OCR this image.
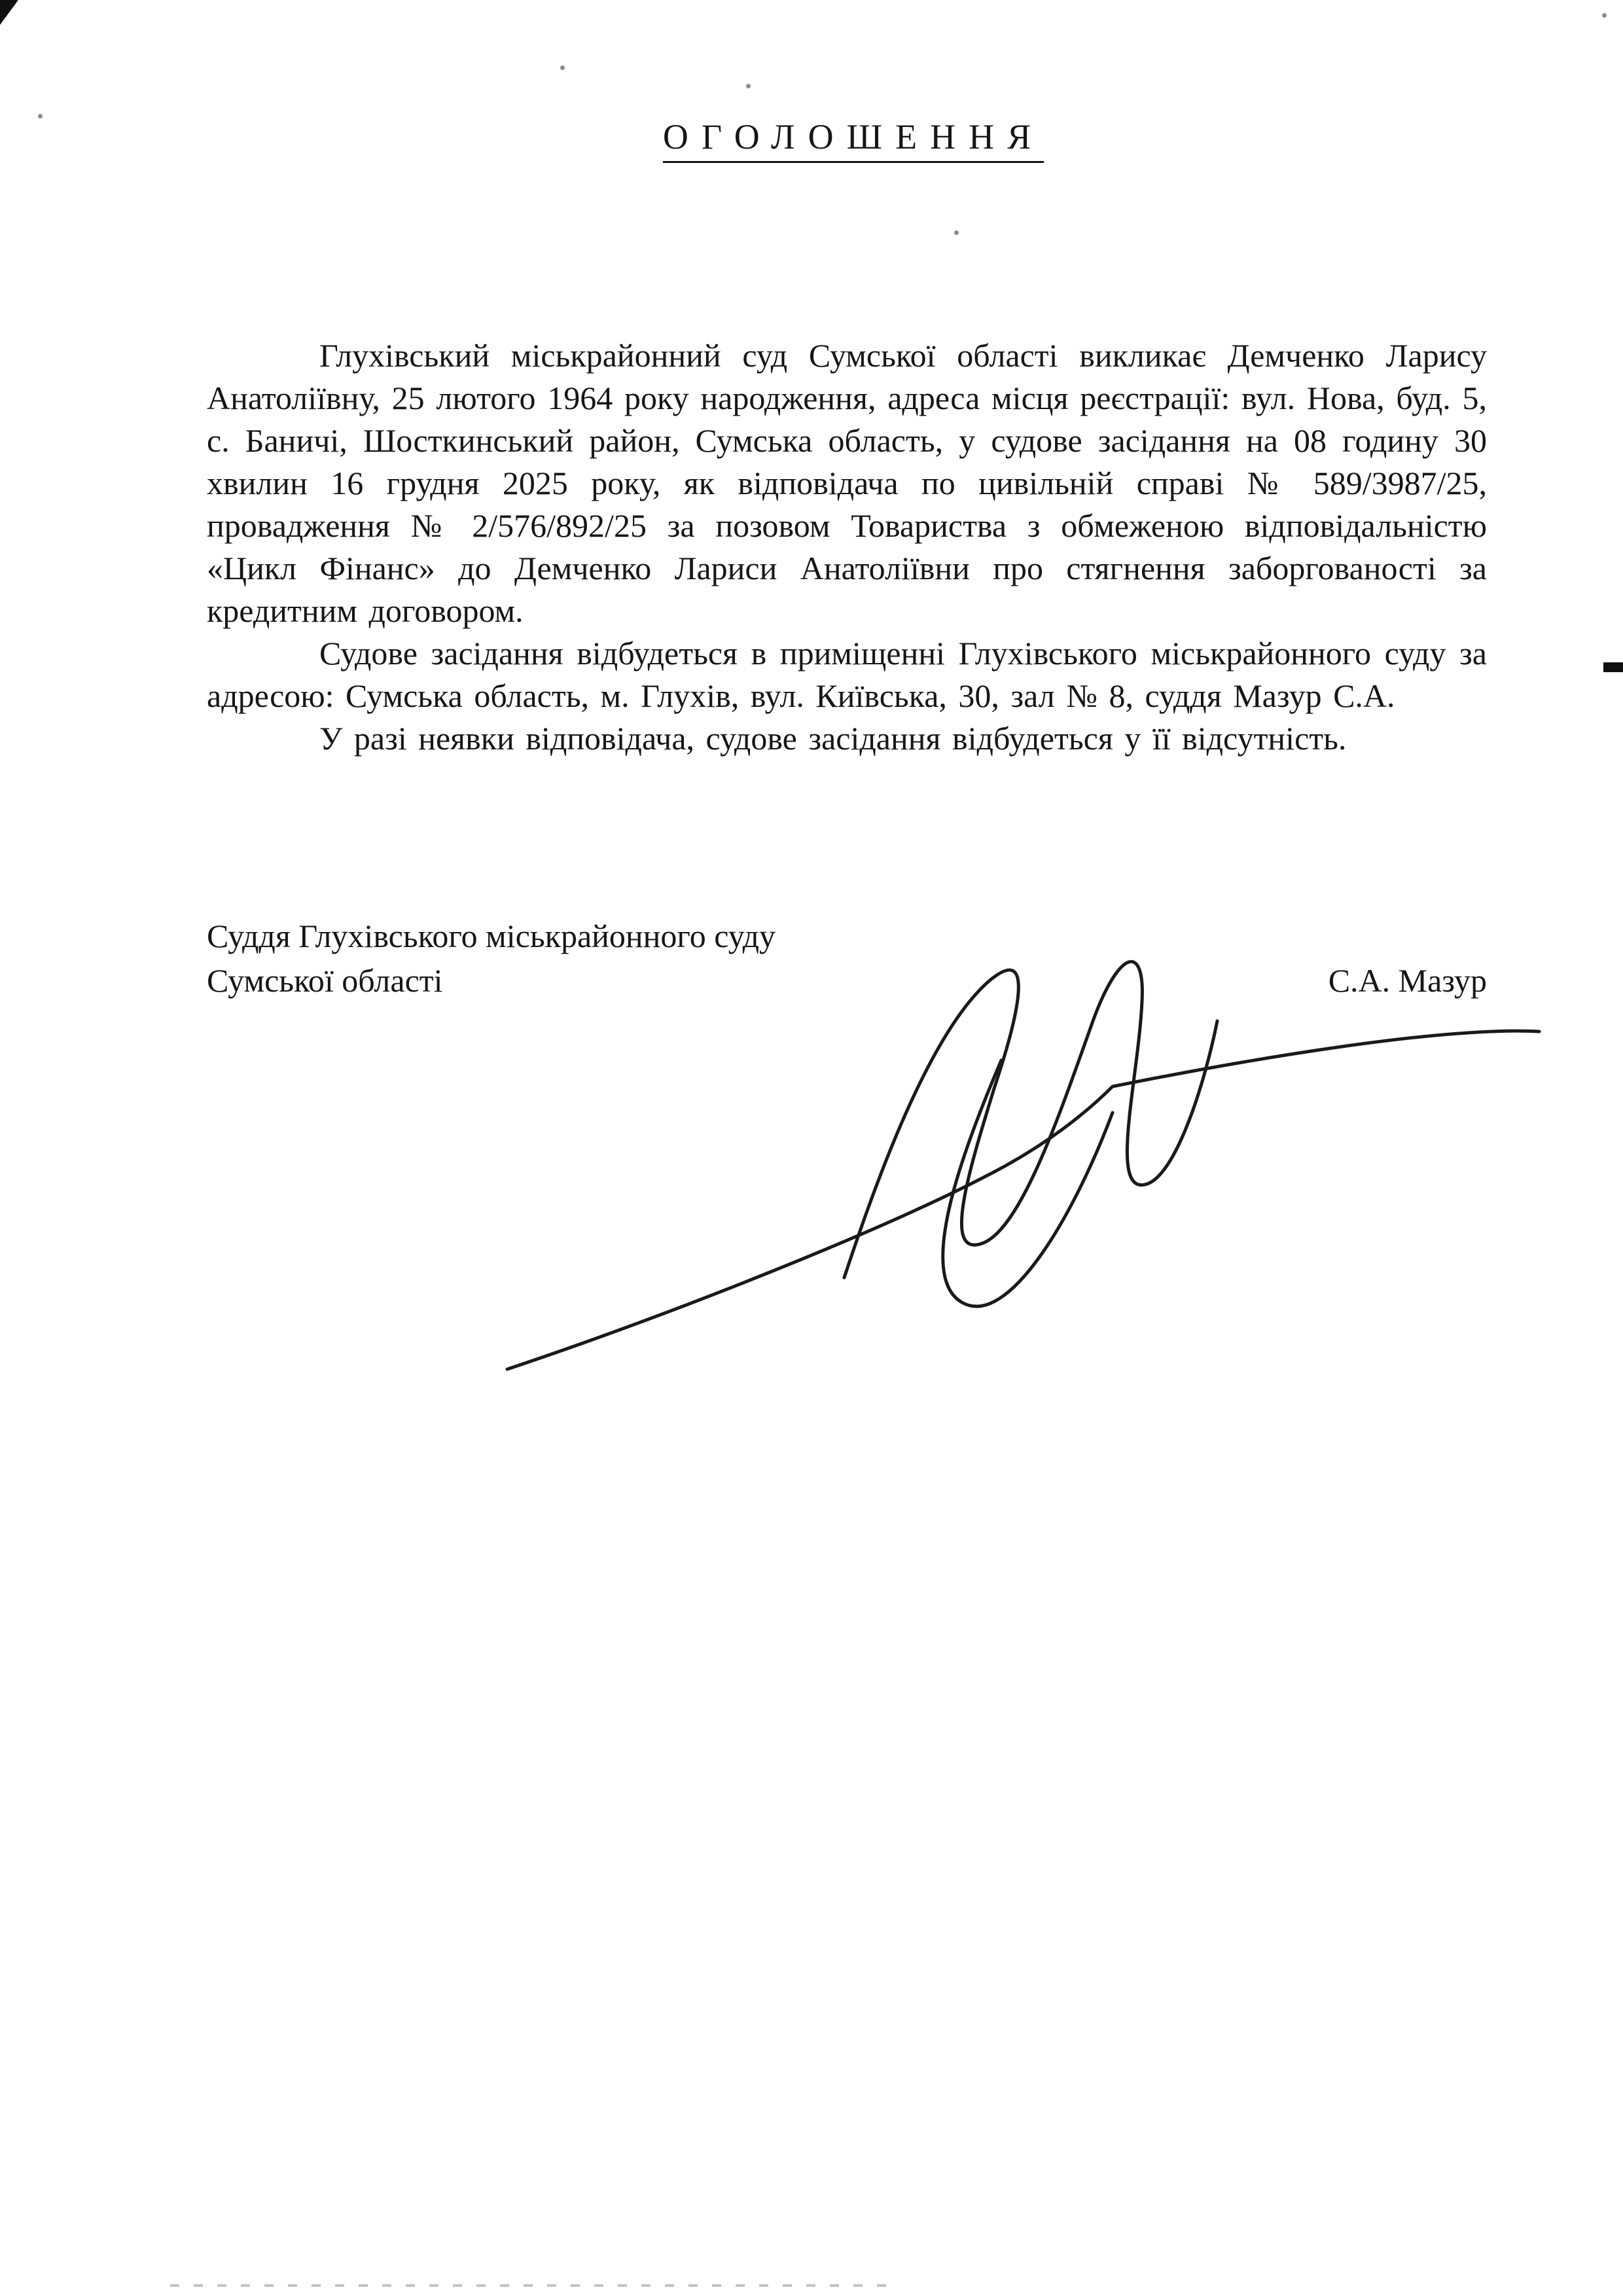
ОГОЛОШЕННЯ

Глухівський міськрайонний суд Сумської області викликає Демченко Ларису Анатоліївну, 25 лютого 1964 року народження, адреса місця реєстрації: вул. Нова, буд. 5, с. Баничі, Шосткинський район, Сумська область, у судове засідання на 08 годину 30 хвилин 16 грудня 2025 року, як відповідача по цивільній справі № 589/3987/25, провадження № 2/576/892/25 за позовом Товариства з обмеженою відповідальністю «Цикл Фінанс» до Демченко Лариси Анатоліївни про стягнення заборгованості за кредитним договором.

Судове засідання відбудеться в приміщенні Глухівського міськрайонного суду за адресою: Сумська область, м. Глухів, вул. Київська, 30, зал № 8, суддя Мазур С.А.

У разі неявки відповідача, судове засідання відбудеться у її відсутність.

Суддя Глухівського міськрайонного суду
Сумської області	С.А. Мазур
